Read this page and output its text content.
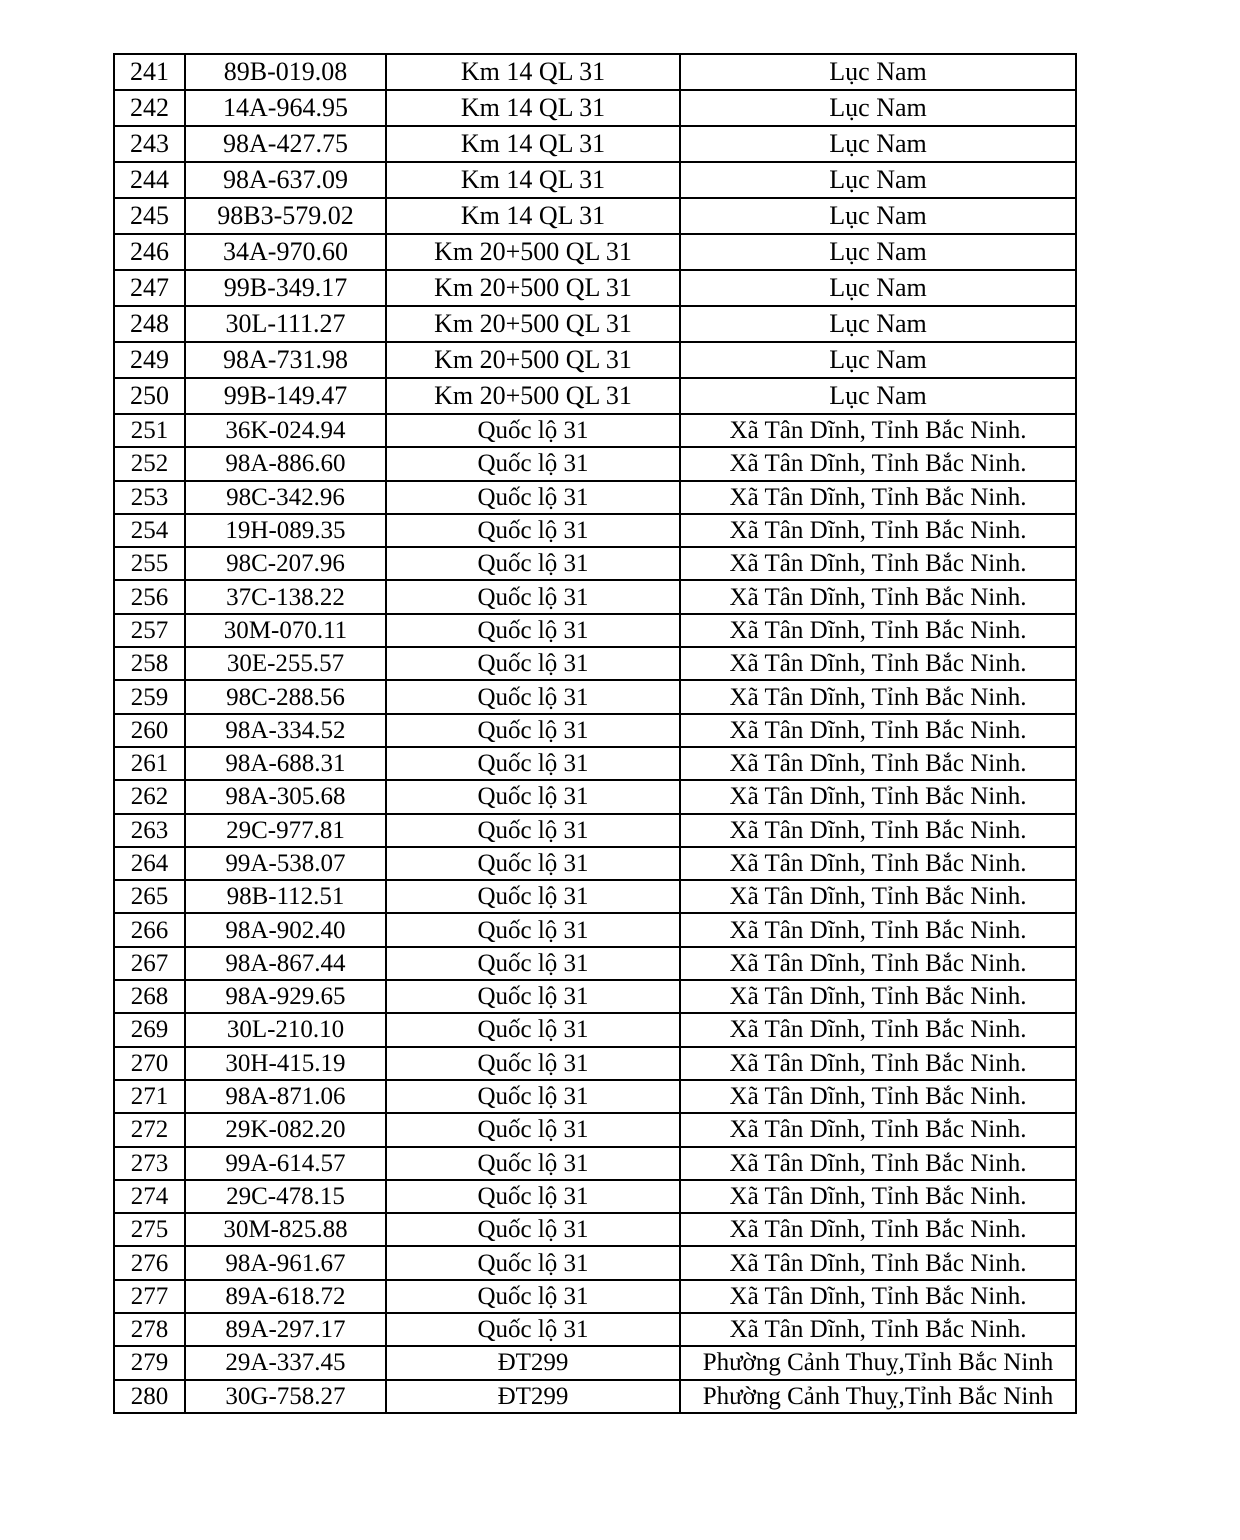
241	89B-019.08	Km 14 QL 31	Lục Nam
242	14A-964.95	Km 14 QL 31	Lục Nam
243	98A-427.75	Km 14 QL 31	Lục Nam
244	98A-637.09	Km 14 QL 31	Lục Nam
245	98B3-579.02	Km 14 QL 31	Lục Nam
246	34A-970.60	Km 20+500 QL 31	Lục Nam
247	99B-349.17	Km 20+500 QL 31	Lục Nam
248	30L-111.27	Km 20+500 QL 31	Lục Nam
249	98A-731.98	Km 20+500 QL 31	Lục Nam
250	99B-149.47	Km 20+500 QL 31	Lục Nam
251	36K-024.94	Quốc lộ 31	Xã Tân Dĩnh, Tỉnh Bắc Ninh.
252	98A-886.60	Quốc lộ 31	Xã Tân Dĩnh, Tỉnh Bắc Ninh.
253	98C-342.96	Quốc lộ 31	Xã Tân Dĩnh, Tỉnh Bắc Ninh.
254	19H-089.35	Quốc lộ 31	Xã Tân Dĩnh, Tỉnh Bắc Ninh.
255	98C-207.96	Quốc lộ 31	Xã Tân Dĩnh, Tỉnh Bắc Ninh.
256	37C-138.22	Quốc lộ 31	Xã Tân Dĩnh, Tỉnh Bắc Ninh.
257	30M-070.11	Quốc lộ 31	Xã Tân Dĩnh, Tỉnh Bắc Ninh.
258	30E-255.57	Quốc lộ 31	Xã Tân Dĩnh, Tỉnh Bắc Ninh.
259	98C-288.56	Quốc lộ 31	Xã Tân Dĩnh, Tỉnh Bắc Ninh.
260	98A-334.52	Quốc lộ 31	Xã Tân Dĩnh, Tỉnh Bắc Ninh.
261	98A-688.31	Quốc lộ 31	Xã Tân Dĩnh, Tỉnh Bắc Ninh.
262	98A-305.68	Quốc lộ 31	Xã Tân Dĩnh, Tỉnh Bắc Ninh.
263	29C-977.81	Quốc lộ 31	Xã Tân Dĩnh, Tỉnh Bắc Ninh.
264	99A-538.07	Quốc lộ 31	Xã Tân Dĩnh, Tỉnh Bắc Ninh.
265	98B-112.51	Quốc lộ 31	Xã Tân Dĩnh, Tỉnh Bắc Ninh.
266	98A-902.40	Quốc lộ 31	Xã Tân Dĩnh, Tỉnh Bắc Ninh.
267	98A-867.44	Quốc lộ 31	Xã Tân Dĩnh, Tỉnh Bắc Ninh.
268	98A-929.65	Quốc lộ 31	Xã Tân Dĩnh, Tỉnh Bắc Ninh.
269	30L-210.10	Quốc lộ 31	Xã Tân Dĩnh, Tỉnh Bắc Ninh.
270	30H-415.19	Quốc lộ 31	Xã Tân Dĩnh, Tỉnh Bắc Ninh.
271	98A-871.06	Quốc lộ 31	Xã Tân Dĩnh, Tỉnh Bắc Ninh.
272	29K-082.20	Quốc lộ 31	Xã Tân Dĩnh, Tỉnh Bắc Ninh.
273	99A-614.57	Quốc lộ 31	Xã Tân Dĩnh, Tỉnh Bắc Ninh.
274	29C-478.15	Quốc lộ 31	Xã Tân Dĩnh, Tỉnh Bắc Ninh.
275	30M-825.88	Quốc lộ 31	Xã Tân Dĩnh, Tỉnh Bắc Ninh.
276	98A-961.67	Quốc lộ 31	Xã Tân Dĩnh, Tỉnh Bắc Ninh.
277	89A-618.72	Quốc lộ 31	Xã Tân Dĩnh, Tỉnh Bắc Ninh.
278	89A-297.17	Quốc lộ 31	Xã Tân Dĩnh, Tỉnh Bắc Ninh.
279	29A-337.45	ĐT299	Phường Cảnh Thuỵ,Tỉnh Bắc Ninh
280	30G-758.27	ĐT299	Phường Cảnh Thuỵ,Tỉnh Bắc Ninh
